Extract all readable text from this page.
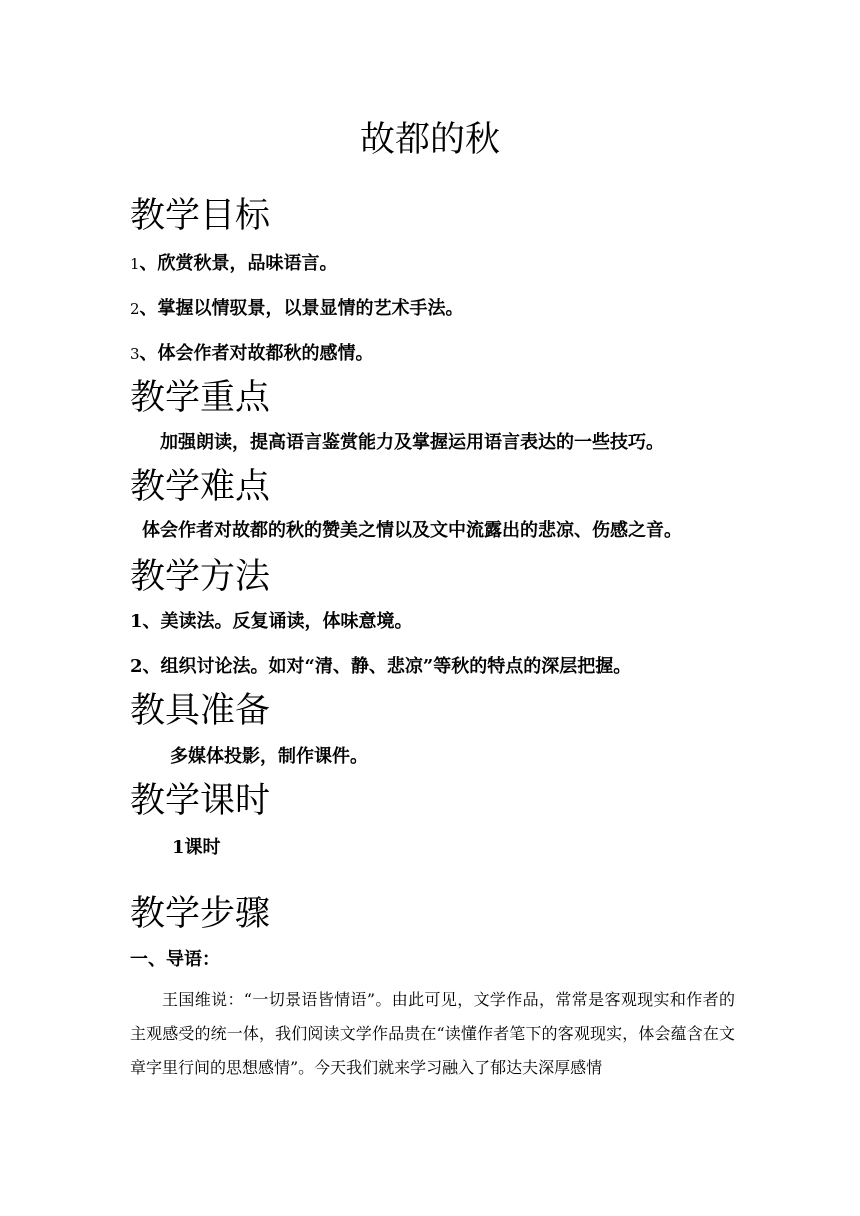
故都的秋
教学目标
1、欣赏秋景，品味语言。
2、掌握以情驭景，以景显情的艺术手法。
3、体会作者对故都秋的感情。
教学重点
加强朗读，提高语言鉴赏能力及掌握运用语言表达的一些技巧。
教学难点
体会作者对故都的秋的赞美之情以及文中流露出的悲凉、伤感之音。
教学方法
1、美读法。反复诵读，体味意境。
2、组织讨论法。如对“清、静、悲凉”等秋的特点的深层把握。
教具准备
多媒体投影，制作课件。
教学课时
1课时
教学步骤
一、导语：

王国维说：“一切景语皆情语”。由此可见，文学作品，常常是客观现实和作者的主观感受的统一体，我们阅读文学作品贵在“读懂作者笔下的客观现实，体会蕴含在文章字里行间的思想感情”。今天我们就来学习融入了郁达夫深厚感情
